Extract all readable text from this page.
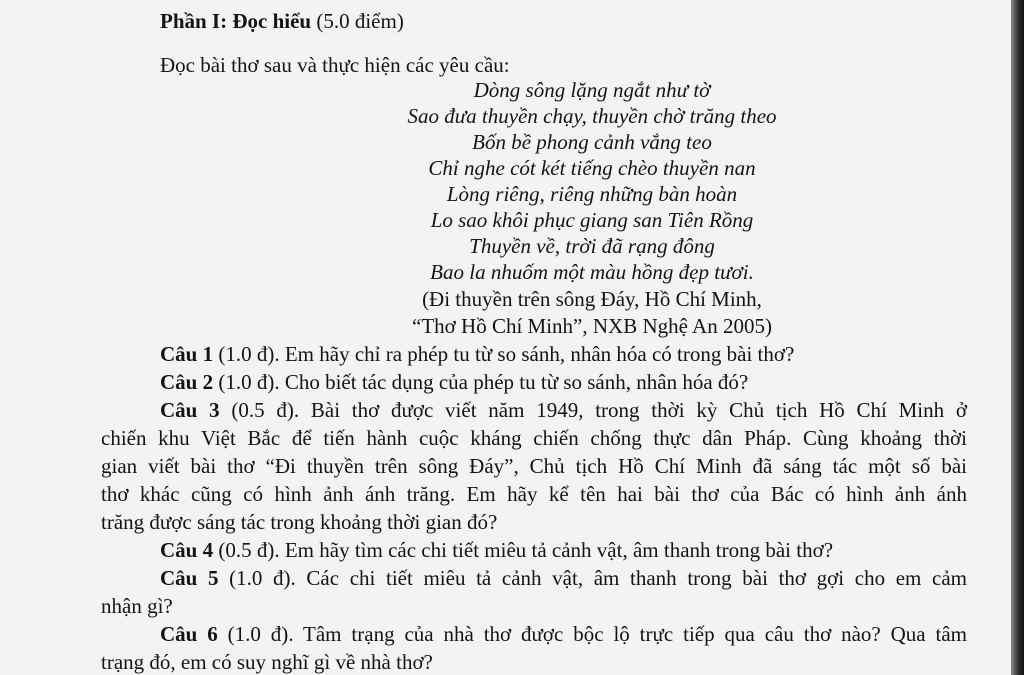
Phần I: Đọc hiểu (5.0 điểm)
Đọc bài thơ sau và thực hiện các yêu cầu:
Dòng sông lặng ngắt như tờ
Sao đưa thuyền chạy, thuyền chờ trăng theo
Bốn bề phong cảnh vắng teo
Chỉ nghe cót két tiếng chèo thuyền nan
Lòng riêng, riêng những bàn hoàn
Lo sao khôi phục giang san Tiên Rồng
Thuyền về, trời đã rạng đông
Bao la nhuốm một màu hồng đẹp tươi.
(Đi thuyền trên sông Đáy, Hồ Chí Minh,
“Thơ Hồ Chí Minh”, NXB Nghệ An 2005)
Câu 1 (1.0 đ). Em hãy chỉ ra phép tu từ so sánh, nhân hóa có trong bài thơ?
Câu 2 (1.0 đ). Cho biết tác dụng của phép tu từ so sánh, nhân hóa đó?
Câu 3 (0.5 đ). Bài thơ được viết năm 1949, trong thời kỳ Chủ tịch Hồ Chí Minh ở
chiến khu Việt Bắc để tiến hành cuộc kháng chiến chống thực dân Pháp. Cùng khoảng thời
gian viết bài thơ “Đi thuyền trên sông Đáy”, Chủ tịch Hồ Chí Minh đã sáng tác một số bài
thơ khác cũng có hình ảnh ánh trăng. Em hãy kể tên hai bài thơ của Bác có hình ảnh ánh
trăng được sáng tác trong khoảng thời gian đó?
Câu 4 (0.5 đ). Em hãy tìm các chi tiết miêu tả cảnh vật, âm thanh trong bài thơ?
Câu 5 (1.0 đ). Các chi tiết miêu tả cảnh vật, âm thanh trong bài thơ gợi cho em cảm
nhận gì?
Câu 6 (1.0 đ). Tâm trạng của nhà thơ được bộc lộ trực tiếp qua câu thơ nào? Qua tâm
trạng đó, em có suy nghĩ gì về nhà thơ?
